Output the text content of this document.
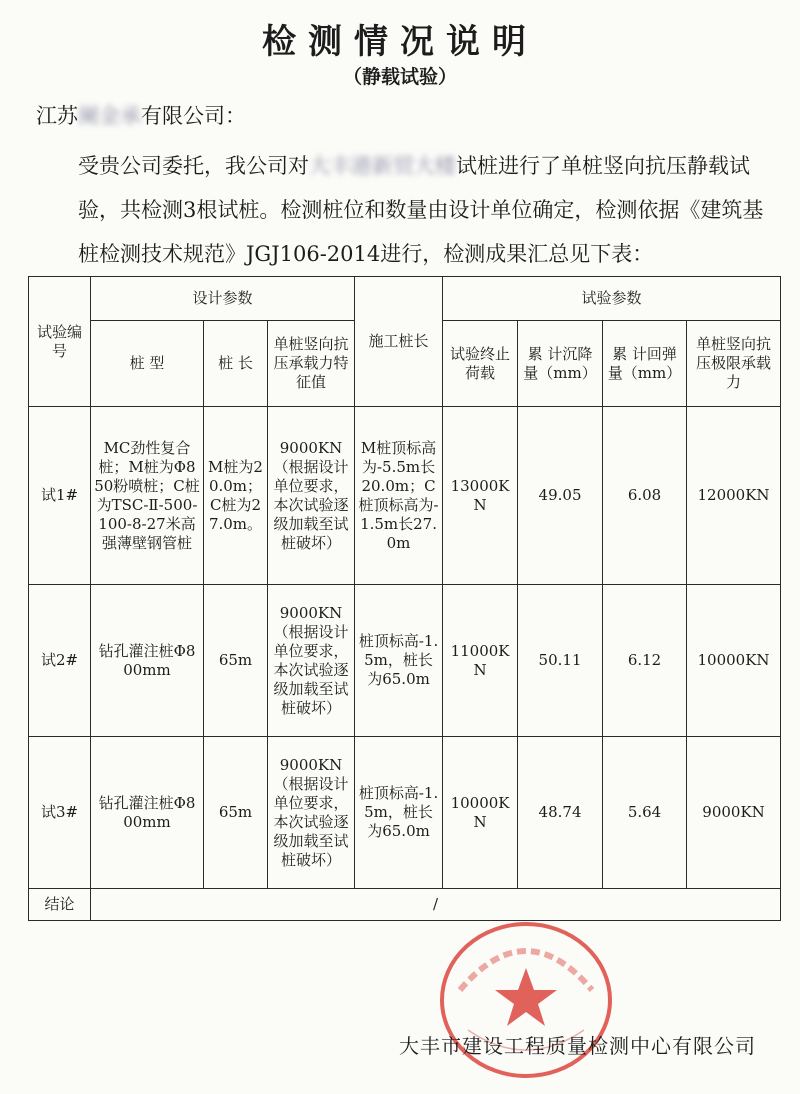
检测情况说明
（静载试验）
江苏阑金承有限公司：

受贵公司委托，我公司对大丰港新贸大楼试桩进行了单桩竖向抗压静载试验，共检测3根试桩。检测桩位和数量由设计单位确定，检测依据《建筑基桩检测技术规范》JGJ106-2014进行，检测成果汇总见下表：

试验编号	设计参数			施工桩长	试验参数			
	桩 型	桩 长	单桩竖向抗压承载力特征值		试验终止荷载	累 计沉降量（mm）	累 计回弹量（mm）	单桩竖向抗压极限承载力
试1#	MC劲性复合桩；M桩为Φ850粉喷桩；C桩为TSC-Ⅱ-500-100-8-27米高强薄壁钢管桩	M桩为20.0m；C桩为27.0m。	9000KN（根据设计单位要求，本次试验逐级加载至试桩破坏）	M桩顶标高为-5.5m长20.0m；C桩顶标高为-1.5m长27.0m	13000KN	49.05	6.08	12000KN
试2#	钻孔灌注桩Φ800mm	65m	9000KN（根据设计单位要求，本次试验逐级加载至试桩破坏）	桩顶标高-1.5m，桩长为65.0m	11000KN	50.11	6.12	10000KN
试3#	钻孔灌注桩Φ800mm	65m	9000KN（根据设计单位要求，本次试验逐级加载至试桩破坏）	桩顶标高-1.5m，桩长为65.0m	10000KN	48.74	5.64	9000KN
结论	/							
大丰市建设工程质量检测中心有限公司
